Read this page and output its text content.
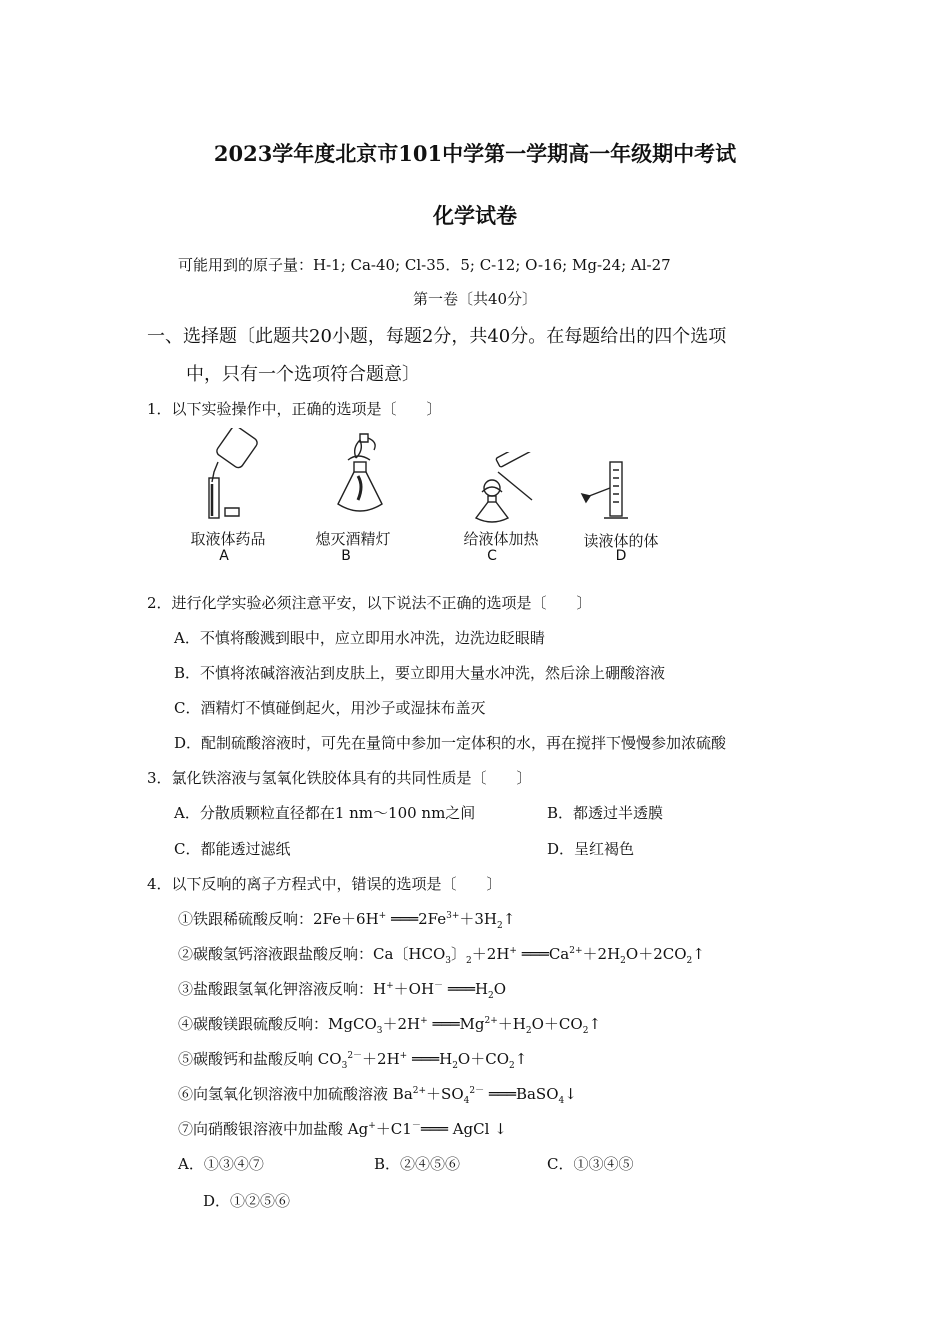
2023学年度北京市101中学第一学期高一年级期中考试
化学试卷
可能用到的原子量：H-1; Ca-40; Cl-35．5; C-12; O-16; Mg-24; Al-27
第一卷〔共40分〕
一、选择题〔此题共20小题，每题2分，共40分。在每题给出的四个选项
中，只有一个选项符合题意〕
1．以下实验操作中，正确的选项是〔　　〕
取液体药品
A
熄灭酒精灯
B
给液体加热
C
读液体的体
D
2．进行化学实验必须注意平安，以下说法不正确的选项是〔　　〕
A．不慎将酸溅到眼中，应立即用水冲洗，边洗边眨眼睛
B．不慎将浓碱溶液沾到皮肤上，要立即用大量水冲洗，然后涂上硼酸溶液
C．酒精灯不慎碰倒起火，用沙子或湿抹布盖灭
D．配制硫酸溶液时，可先在量筒中参加一定体积的水，再在搅拌下慢慢参加浓硫酸
3．氯化铁溶液与氢氧化铁胶体具有的共同性质是〔　　〕
A．分散质颗粒直径都在1 nm～100 nm之间	B．都透过半透膜
C．都能透过滤纸	D．呈红褐色
4．以下反响的离子方程式中，错误的选项是〔　　〕
①铁跟稀硫酸反响：2Fe＋6H+ $═══2Fe^{3+}+3H_2↑$
②碳酸氢钙溶液跟盐酸反响：Ca〔$HCO_3$〕$_2$＋2H+ $═══Ca^{2+}+2H_2O+2CO_2↑$
③盐酸跟氢氧化钾溶液反响：H+＋OH－ $═══H_2O$
④碳酸镁跟硫酸反响：MgCO$_3$＋2H+ $═══Mg^{2+}+H_2O+CO_2↑$
⑤碳酸钙和盐酸反响 $CO_3^{2-}+2H^+$ $═══H_2O+CO_2↑$
⑥向氢氧化钡溶液中加硫酸溶液 $Ba^{2+}+SO_4^{2-}$ ═══BaSO$_4$↓
⑦向硝酸银溶液中加盐酸 Ag+＋C1－═══ AgCl ↓
A．①③④⑦	B．②④⑤⑥	C．①③④⑤
D．①②⑤⑥
